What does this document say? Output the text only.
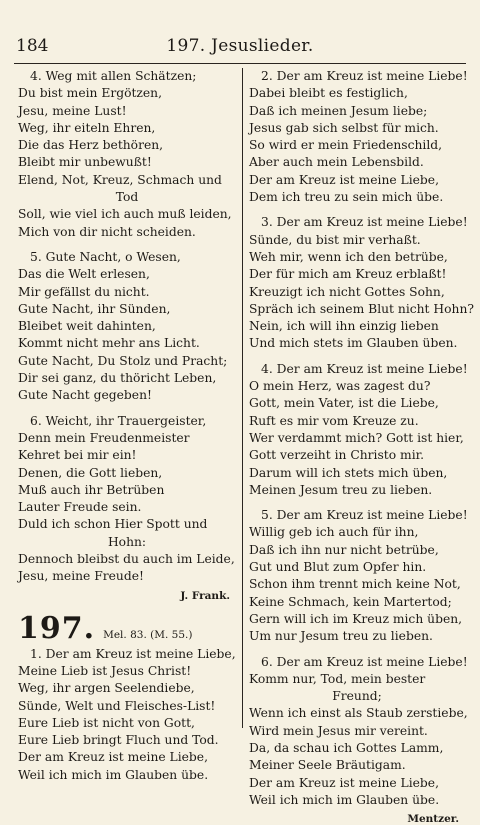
184	197. Jesuslieder.
4. Weg mit allen Schätzen;
Du bist mein Ergötzen,
Jesu, meine Lust!
Weg, ihr eiteln Ehren,
Die das Herz bethören,
Bleibt mir unbewußt!
Elend, Not, Kreuz, Schmach und
Tod
Soll, wie viel ich auch muß leiden,
Mich von dir nicht scheiden.
5. Gute Nacht, o Wesen,
Das die Welt erlesen,
Mir gefällst du nicht.
Gute Nacht, ihr Sünden,
Bleibet weit dahinten,
Kommt nicht mehr ans Licht.
Gute Nacht, Du Stolz und Pracht;
Dir sei ganz, du thöricht Leben,
Gute Nacht gegeben!
6. Weicht, ihr Trauergeister,
Denn mein Freudenmeister
Kehret bei mir ein!
Denen, die Gott lieben,
Muß auch ihr Betrüben
Lauter Freude sein.
Duld ich schon Hier Spott und
Hohn:
Dennoch bleibst du auch im Leide,
Jesu, meine Freude!
J. Frank.
197. Mel. 83. (M. 55.)
1. Der am Kreuz ist meine Liebe,
Meine Lieb ist Jesus Christ!
Weg, ihr argen Seelendiebe,
Sünde, Welt und Fleisches-List!
Eure Lieb ist nicht von Gott,
Eure Lieb bringt Fluch und Tod.
Der am Kreuz ist meine Liebe,
Weil ich mich im Glauben übe.
2. Der am Kreuz ist meine Liebe!
Dabei bleibt es festiglich,
Daß ich meinen Jesum liebe;
Jesus gab sich selbst für mich.
So wird er mein Friedenschild,
Aber auch mein Lebensbild.
Der am Kreuz ist meine Liebe,
Dem ich treu zu sein mich übe.
3. Der am Kreuz ist meine Liebe!
Sünde, du bist mir verhaßt.
Weh mir, wenn ich den betrübe,
Der für mich am Kreuz erblaßt!
Kreuzigt ich nicht Gottes Sohn,
Spräch ich seinem Blut nicht Hohn?
Nein, ich will ihn einzig lieben
Und mich stets im Glauben üben.
4. Der am Kreuz ist meine Liebe!
O mein Herz, was zagest du?
Gott, mein Vater, ist die Liebe,
Ruft es mir vom Kreuze zu.
Wer verdammt mich? Gott ist hier,
Gott verzeiht in Christo mir.
Darum will ich stets mich üben,
Meinen Jesum treu zu lieben.
5. Der am Kreuz ist meine Liebe!
Willig geb ich auch für ihn,
Daß ich ihn nur nicht betrübe,
Gut und Blut zum Opfer hin.
Schon ihm trennt mich keine Not,
Keine Schmach, kein Martertod;
Gern will ich im Kreuz mich üben,
Um nur Jesum treu zu lieben.
6. Der am Kreuz ist meine Liebe!
Komm nur, Tod, mein bester
Freund;
Wenn ich einst als Staub zerstiebe,
Wird mein Jesus mir vereint.
Da, da schau ich Gottes Lamm,
Meiner Seele Bräutigam.
Der am Kreuz ist meine Liebe,
Weil ich mich im Glauben übe.
Mentzer.
